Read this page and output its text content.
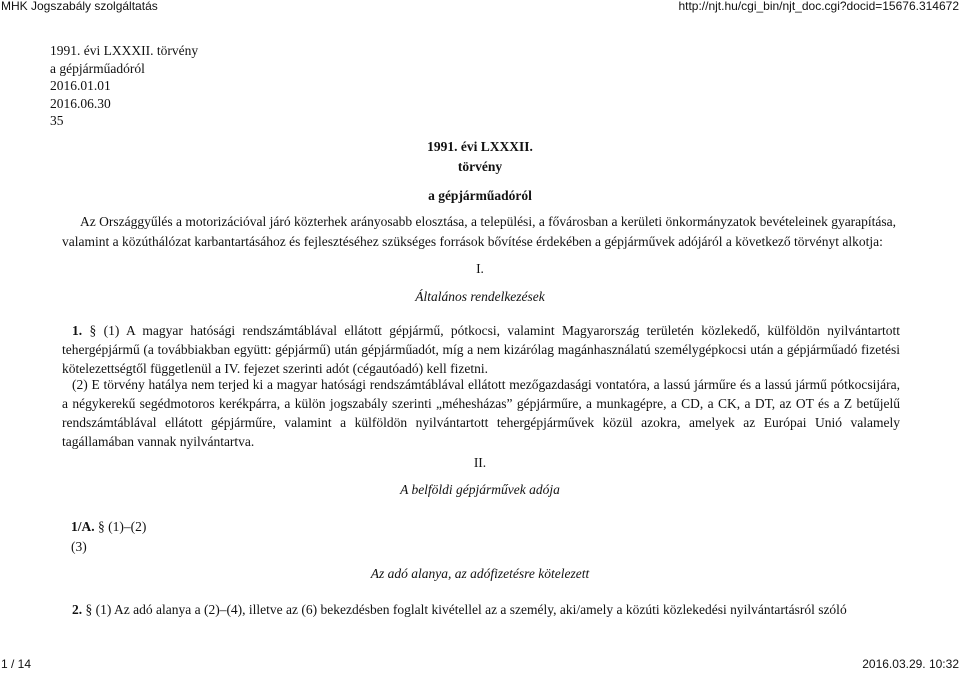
MHK Jogszabály szolgáltatás	http://njt.hu/cgi_bin/njt_doc.cgi?docid=15676.314672
1991. évi LXXXII. törvény
a gépjárműadóról
2016.01.01
2016.06.30
35
1991. évi LXXXII.
törvény
a gépjárműadóról
Az Országgyűlés a motorizációval járó közterhek arányosabb elosztása, a települési, a fővárosban a kerületi önkormányzatok bevételeinek gyarapítása,
valamint a közúthálózat karbantartásához és fejlesztéséhez szükséges források bővítése érdekében a gépjárművek adójáról a következő törvényt alkotja:
I.
Általános rendelkezések
1. § (1) A magyar hatósági rendszámtáblával ellátott gépjármű, pótkocsi, valamint Magyarország területén közlekedő, külföldön nyilvántartott tehergépjármű (a továbbiakban együtt: gépjármű) után gépjárműadót, míg a nem kizárólag magánhasználatú személygépkocsi után a gépjárműadó fizetési kötelezettségtől függetlenül a IV. fejezet szerinti adót (cégautóadó) kell fizetni.
(2) E törvény hatálya nem terjed ki a magyar hatósági rendszámtáblával ellátott mezőgazdasági vontatóra, a lassú járműre és a lassú jármű pótkocsijára, a négykerekű segédmotoros kerékpárra, a külön jogszabály szerinti „méhesházas” gépjárműre, a munkagépre, a CD, a CK, a DT, az OT és a Z betűjelű rendszámtáblával ellátott gépjárműre, valamint a külföldön nyilvántartott tehergépjárművek közül azokra, amelyek az Európai Unió valamely tagállamában vannak nyilvántartva.
II.
A belföldi gépjárművek adója
1/A. § (1)–(2)
(3)
Az adó alanya, az adófizetésre kötelezett
2. § (1) Az adó alanya a (2)–(4), illetve az (6) bekezdésben foglalt kivétellel az a személy, aki/amely a közúti közlekedési nyilvántartásról szóló
1 / 14	2016.03.29. 10:32
